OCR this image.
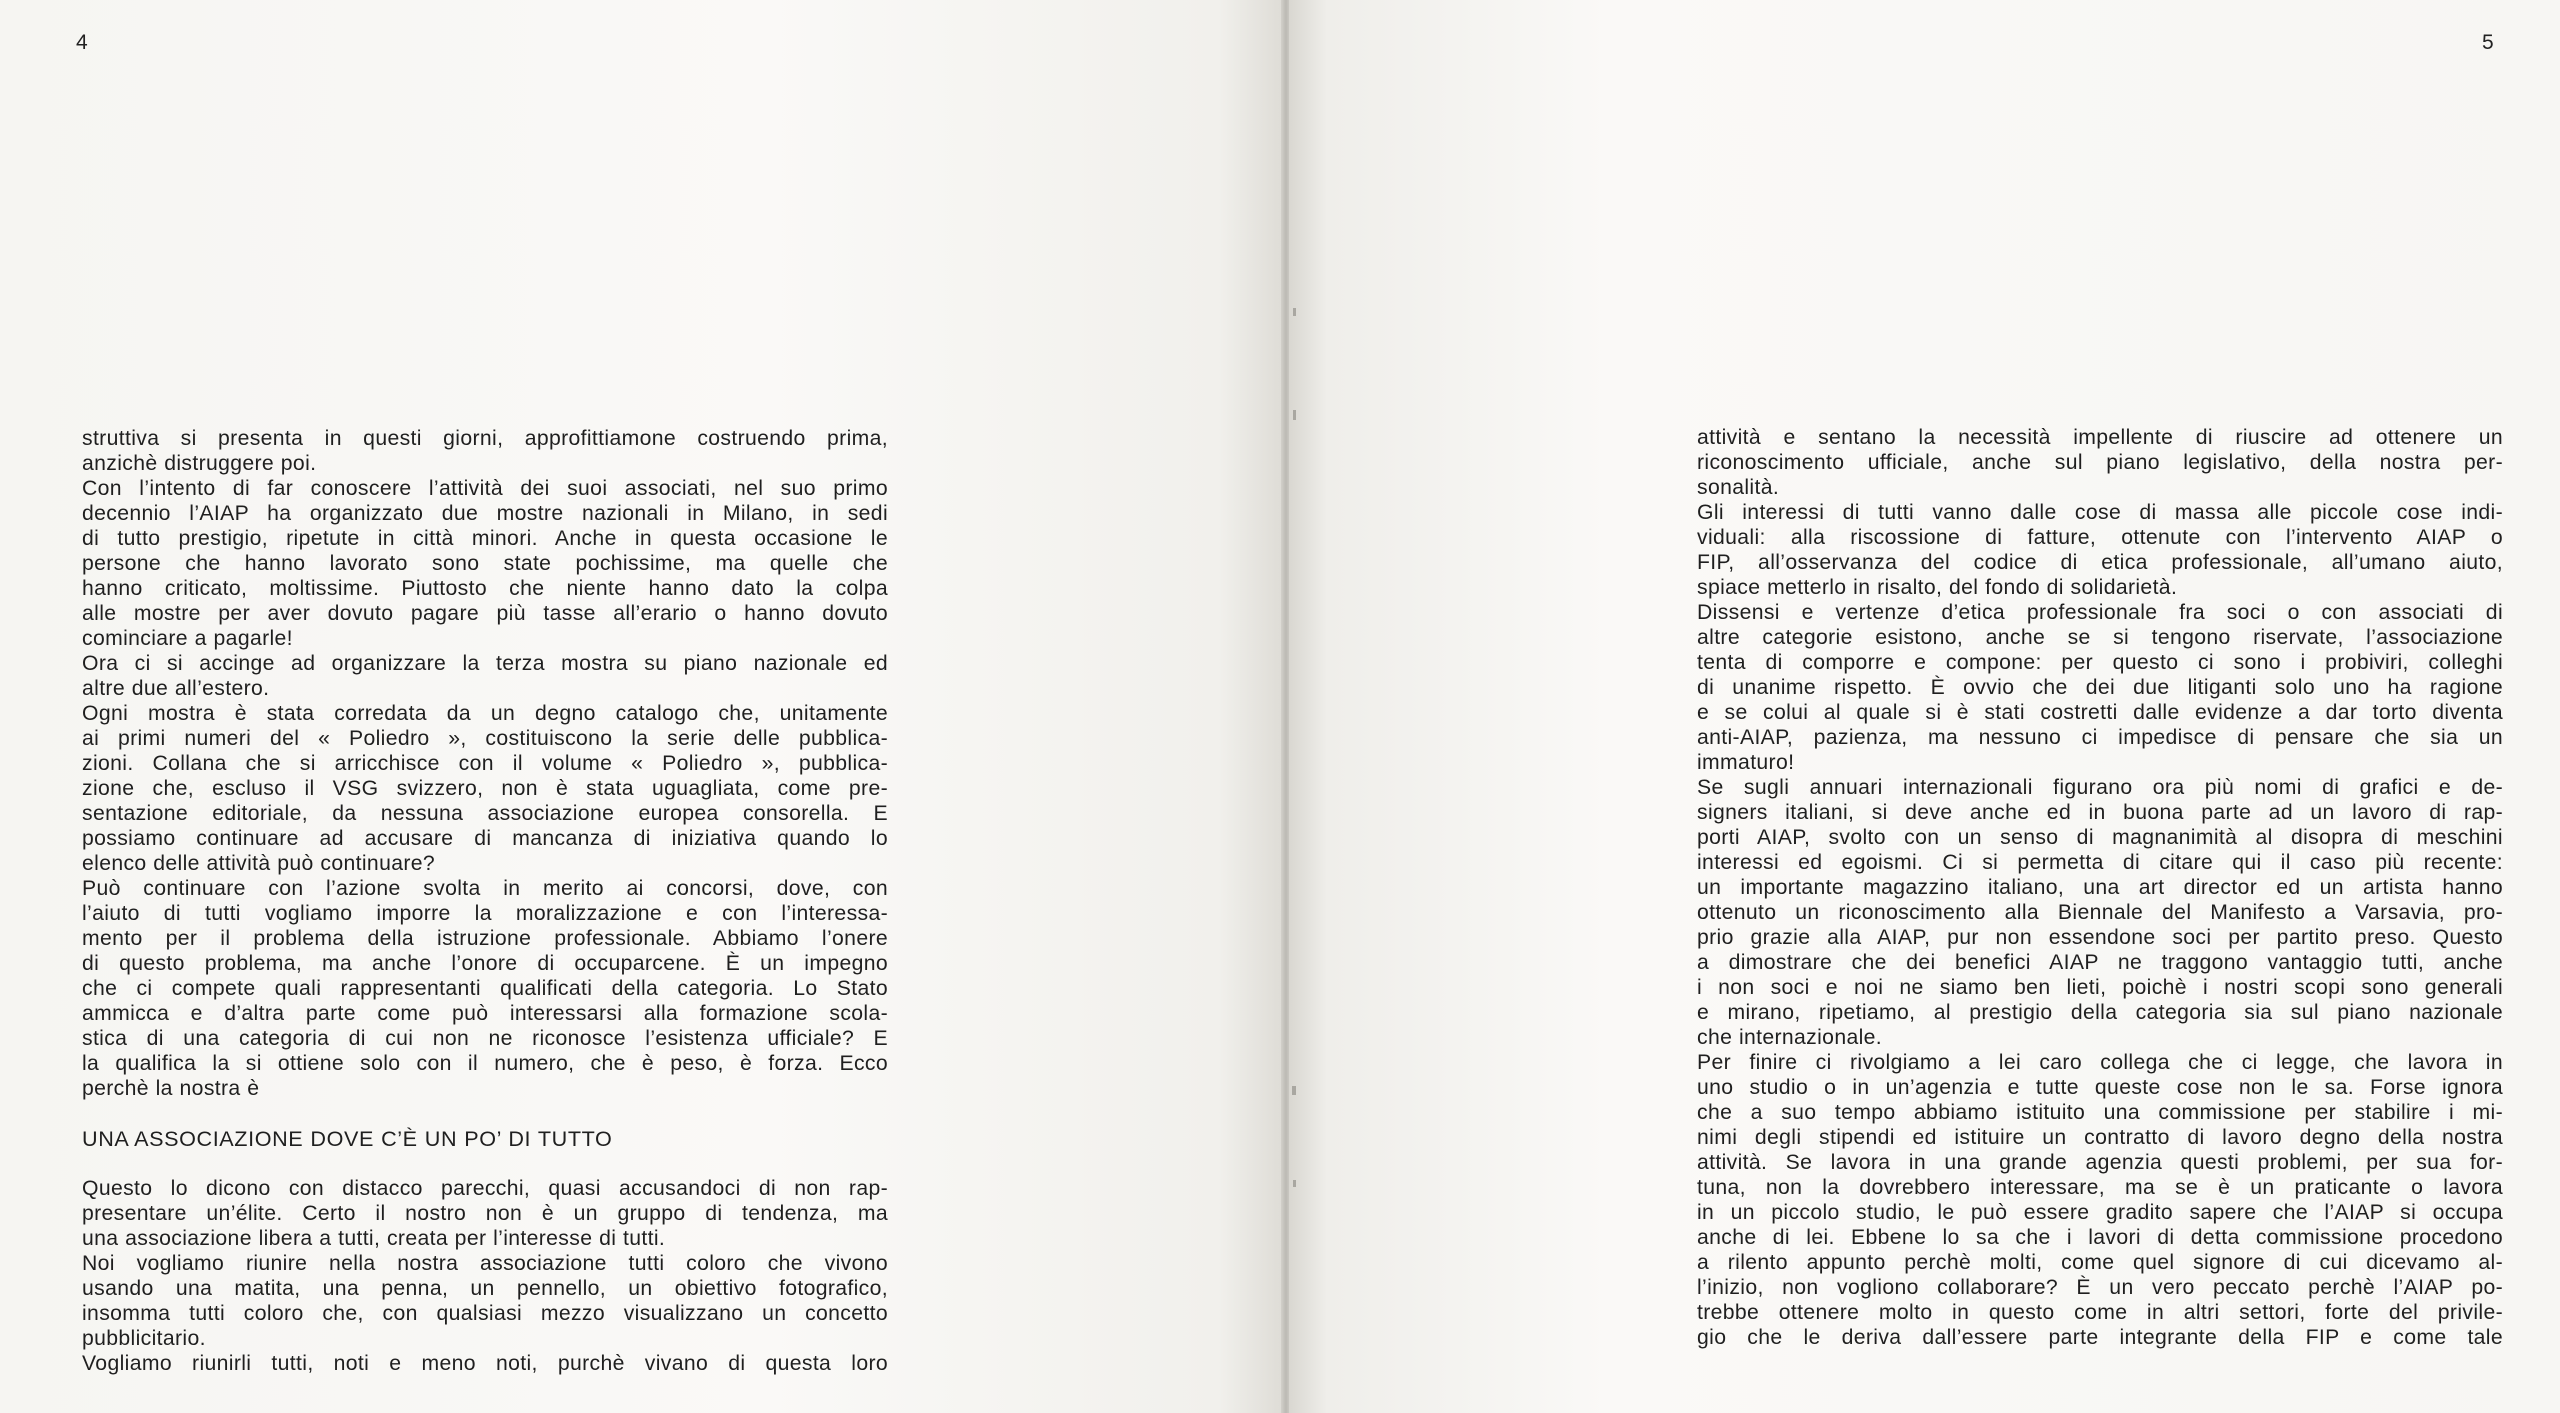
4	5
struttiva si presenta in questi giorni, approfittiamone costruendo prima,
anzichè distruggere poi.
Con l’intento di far conoscere l’attività dei suoi associati, nel suo primo
decennio l’AIAP ha organizzato due mostre nazionali in Milano, in sedi
di tutto prestigio, ripetute in città minori. Anche in questa occasione le
persone che hanno lavorato sono state pochissime, ma quelle che
hanno criticato, moltissime. Piuttosto che niente hanno dato la colpa
alle mostre per aver dovuto pagare più tasse all’erario o hanno dovuto
cominciare a pagarle!
Ora ci si accinge ad organizzare la terza mostra su piano nazionale ed
altre due all’estero.
Ogni mostra è stata corredata da un degno catalogo che, unitamente
ai primi numeri del « Poliedro », costituiscono la serie delle pubblica-
zioni. Collana che si arricchisce con il volume « Poliedro », pubblica-
zione che, escluso il VSG svizzero, non è stata uguagliata, come pre-
sentazione editoriale, da nessuna associazione europea consorella. E
possiamo continuare ad accusare di mancanza di iniziativa quando lo
elenco delle attività può continuare?
Può continuare con l’azione svolta in merito ai concorsi, dove, con
l’aiuto di tutti vogliamo imporre la moralizzazione e con l’interessa-
mento per il problema della istruzione professionale. Abbiamo l’onere
di questo problema, ma anche l’onore di occuparcene. È un impegno
che ci compete quali rappresentanti qualificati della categoria. Lo Stato
ammicca e d’altra parte come può interessarsi alla formazione scola-
stica di una categoria di cui non ne riconosce l’esistenza ufficiale? E
la qualifica la si ottiene solo con il numero, che è peso, è forza. Ecco
perchè la nostra è
UNA ASSOCIAZIONE DOVE C’È UN PO’ DI TUTTO
Questo lo dicono con distacco parecchi, quasi accusandoci di non rap-
presentare un’élite. Certo il nostro non è un gruppo di tendenza, ma
una associazione libera a tutti, creata per l’interesse di tutti.
Noi vogliamo riunire nella nostra associazione tutti coloro che vivono
usando una matita, una penna, un pennello, un obiettivo fotografico,
insomma tutti coloro che, con qualsiasi mezzo visualizzano un concetto
pubblicitario.
Vogliamo riunirli tutti, noti e meno noti, purchè vivano di questa loro
attività e sentano la necessità impellente di riuscire ad ottenere un
riconoscimento ufficiale, anche sul piano legislativo, della nostra per-
sonalità.
Gli interessi di tutti vanno dalle cose di massa alle piccole cose indi-
viduali: alla riscossione di fatture, ottenute con l’intervento AIAP o
FIP, all’osservanza del codice di etica professionale, all’umano aiuto,
spiace metterlo in risalto, del fondo di solidarietà.
Dissensi e vertenze d’etica professionale fra soci o con associati di
altre categorie esistono, anche se si tengono riservate, l’associazione
tenta di comporre e compone: per questo ci sono i probiviri, colleghi
di unanime rispetto. È ovvio che dei due litiganti solo uno ha ragione
e se colui al quale si è stati costretti dalle evidenze a dar torto diventa
anti-AIAP, pazienza, ma nessuno ci impedisce di pensare che sia un
immaturo!
Se sugli annuari internazionali figurano ora più nomi di grafici e de-
signers italiani, si deve anche ed in buona parte ad un lavoro di rap-
porti AIAP, svolto con un senso di magnanimità al disopra di meschini
interessi ed egoismi. Ci si permetta di citare qui il caso più recente:
un importante magazzino italiano, una art director ed un artista hanno
ottenuto un riconoscimento alla Biennale del Manifesto a Varsavia, pro-
prio grazie alla AIAP, pur non essendone soci per partito preso. Questo
a dimostrare che dei benefici AIAP ne traggono vantaggio tutti, anche
i non soci e noi ne siamo ben lieti, poichè i nostri scopi sono generali
e mirano, ripetiamo, al prestigio della categoria sia sul piano nazionale
che internazionale.
Per finire ci rivolgiamo a lei caro collega che ci legge, che lavora in
uno studio o in un’agenzia e tutte queste cose non le sa. Forse ignora
che a suo tempo abbiamo istituito una commissione per stabilire i mi-
nimi degli stipendi ed istituire un contratto di lavoro degno della nostra
attività. Se lavora in una grande agenzia questi problemi, per sua for-
tuna, non la dovrebbero interessare, ma se è un praticante o lavora
in un piccolo studio, le può essere gradito sapere che l’AIAP si occupa
anche di lei. Ebbene lo sa che i lavori di detta commissione procedono
a rilento appunto perchè molti, come quel signore di cui dicevamo al-
l’inizio, non vogliono collaborare? È un vero peccato perchè l’AIAP po-
trebbe ottenere molto in questo come in altri settori, forte del privile-
gio che le deriva dall’essere parte integrante della FIP e come tale
